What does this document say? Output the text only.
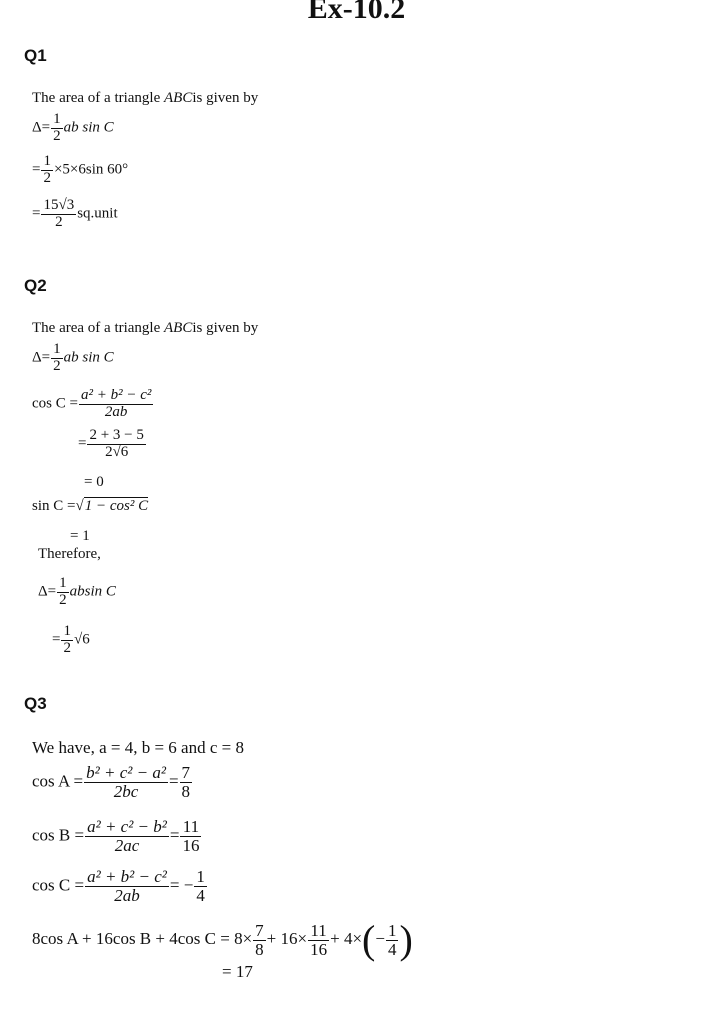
Ex-10.2
Q1
The area of a triangle ABCis given by
$\Delta= \frac{1}{2}$ ab sin C
= $\frac{1}{2} \times 5\times 6\sin$ 60°
= $\frac{15√3}{2}$ sq.unit
Q2
The area of a triangle ABCis given by
$\Delta= \frac{1}{2}$ ab sin C
$\cos C = \frac{\text{a² + b² − c²}}{2ab}$
= $\frac{2 + 3 - 5}{2√6}$
= 0
sin C =√1 − cos² C
= 1
Therefore,
$\Delta= \frac{1}{2}$ absin C
= $\frac{1}{2} √6$
Q3
We have, a = 4, b = 6 and c = 8
$\cos A = \frac{\text{b² + c² − a²}}{2bc} = \frac{7}{8}$
$\cos B = \frac{\text{a² + c² − b²}}{2ac} = \frac{11}{16}$
$\cos C = \frac{\text{a² + b² − c²}}{2ab}$ = − $\frac{1}{4}$
8cos A + 16cos B + 4cos $C = 8\times \frac{7}{8} + 16\times \frac{11}{16} + 4\times(- \frac{1}{4}$ )
= 17
